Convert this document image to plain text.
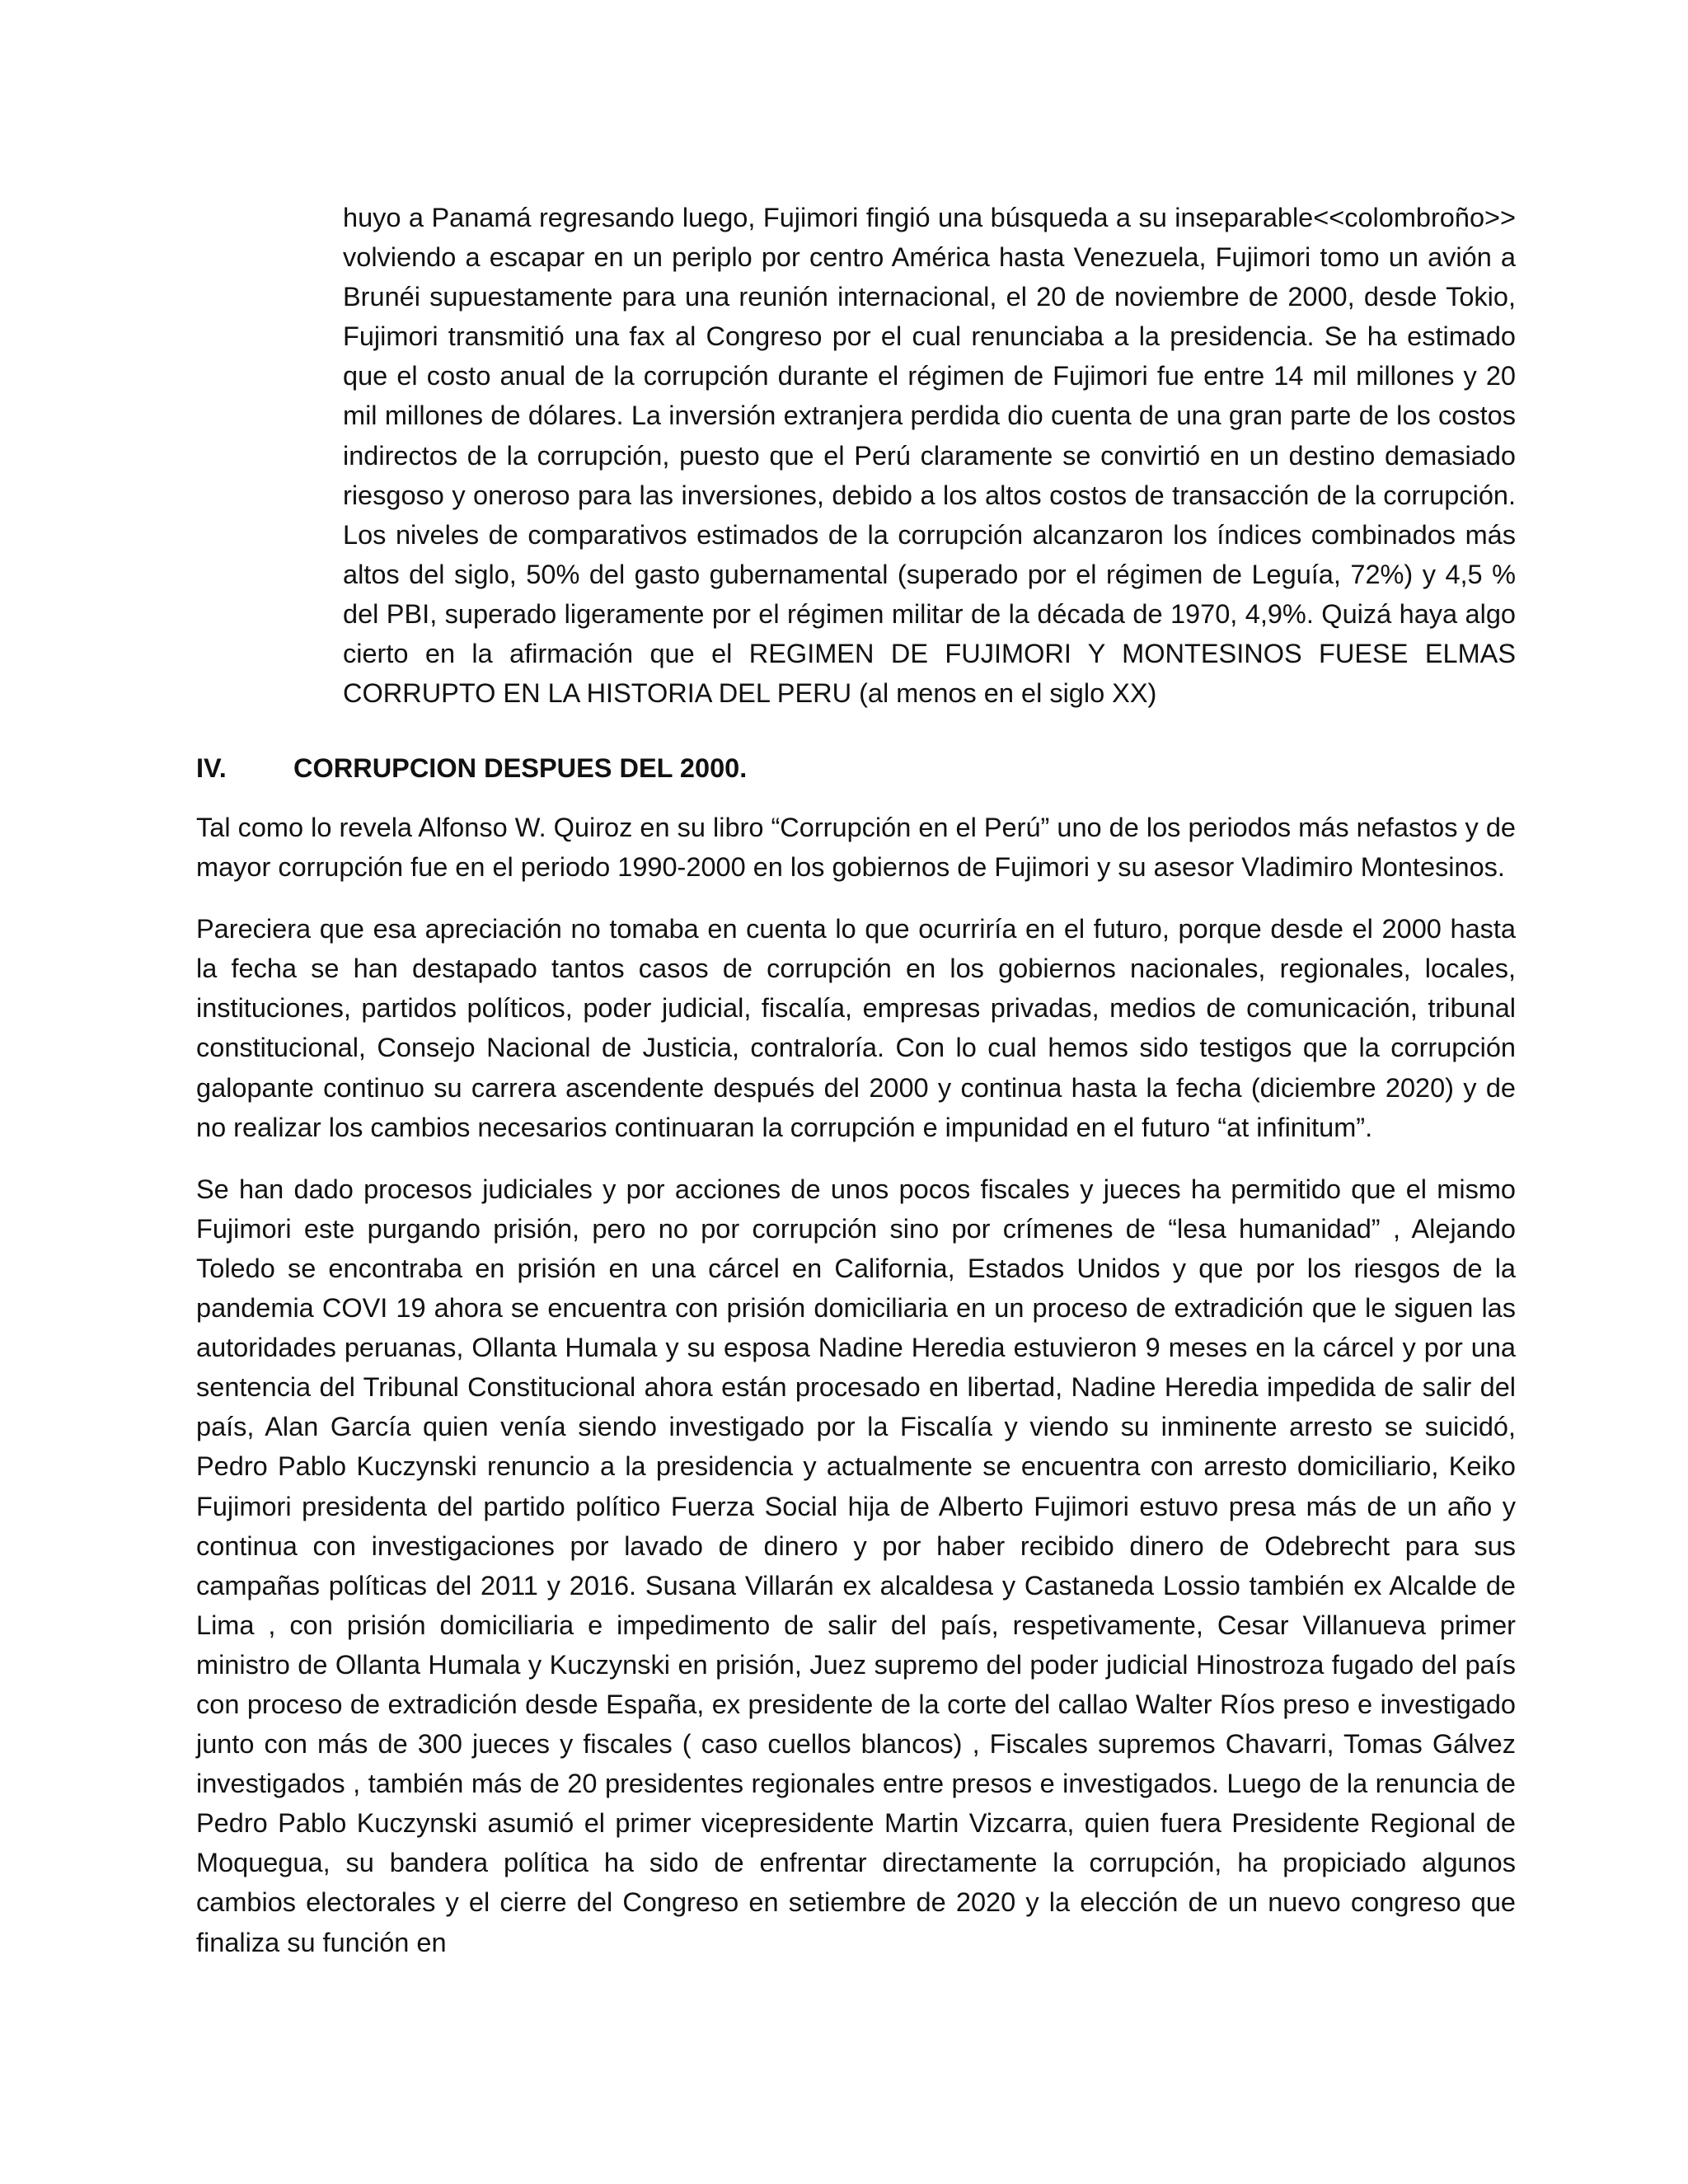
huyo a Panamá regresando luego, Fujimori fingió una búsqueda a su inseparable<<colombroño>> volviendo a escapar en un periplo por centro América hasta Venezuela, Fujimori tomo un avión a Brunéi supuestamente para una reunión internacional, el 20 de noviembre de 2000, desde Tokio, Fujimori transmitió una fax al Congreso por el cual renunciaba a la presidencia. Se ha estimado que el costo anual de la corrupción durante el régimen de Fujimori fue entre 14 mil millones y 20 mil millones de dólares. La inversión extranjera perdida dio cuenta de una gran parte de los costos indirectos de la corrupción, puesto que el Perú claramente se convirtió en un destino demasiado riesgoso y oneroso para las inversiones, debido a los altos costos de transacción de la corrupción. Los niveles de comparativos estimados de la corrupción alcanzaron los índices combinados más altos del siglo, 50% del gasto gubernamental (superado por el régimen de Leguía, 72%) y 4,5 % del PBI, superado ligeramente por el régimen militar de la década de 1970, 4,9%. Quizá haya algo cierto en la afirmación que el REGIMEN DE FUJIMORI Y MONTESINOS FUESE ELMAS CORRUPTO EN LA HISTORIA DEL PERU (al menos en el siglo XX)

IV. CORRUPCION DESPUES DEL 2000.

Tal como lo revela Alfonso W. Quiroz en su libro “Corrupción en el Perú” uno de los periodos más nefastos y de mayor corrupción fue en el periodo 1990-2000 en los gobiernos de Fujimori y su asesor Vladimiro Montesinos.

Pareciera que esa apreciación no tomaba en cuenta lo que ocurriría en el futuro, porque desde el 2000 hasta la fecha se han destapado tantos casos de corrupción en los gobiernos nacionales, regionales, locales, instituciones, partidos políticos, poder judicial, fiscalía, empresas privadas, medios de comunicación, tribunal constitucional, Consejo Nacional de Justicia, contraloría. Con lo cual hemos sido testigos que la corrupción galopante continuo su carrera ascendente después del 2000 y continua hasta la fecha (diciembre 2020) y de no realizar los cambios necesarios continuaran la corrupción e impunidad en el futuro “at infinitum”.

Se han dado procesos judiciales y por acciones de unos pocos fiscales y jueces ha permitido que el mismo Fujimori este purgando prisión, pero no por corrupción sino por crímenes de “lesa humanidad” , Alejando Toledo se encontraba en prisión en una cárcel en California, Estados Unidos y que por los riesgos de la pandemia COVI 19 ahora se encuentra con prisión domiciliaria en un proceso de extradición que le siguen las autoridades peruanas, Ollanta Humala y su esposa Nadine Heredia estuvieron 9 meses en la cárcel y por una sentencia del Tribunal Constitucional ahora están procesado en libertad, Nadine Heredia impedida de salir del país, Alan García quien venía siendo investigado por la Fiscalía y viendo su inminente arresto se suicidó, Pedro Pablo Kuczynski renuncio a la presidencia y actualmente se encuentra con arresto domiciliario, Keiko Fujimori presidenta del partido político Fuerza Social hija de Alberto Fujimori estuvo presa más de un año y continua con investigaciones por lavado de dinero y por haber recibido dinero de Odebrecht para sus campañas políticas del 2011 y 2016. Susana Villarán ex alcaldesa y Castaneda Lossio también ex Alcalde de Lima , con prisión domiciliaria e impedimento de salir del país, respetivamente, Cesar Villanueva primer ministro de Ollanta Humala y Kuczynski en prisión, Juez supremo del poder judicial Hinostroza fugado del país con proceso de extradición desde España, ex presidente de la corte del callao Walter Ríos preso e investigado junto con más de 300 jueces y fiscales ( caso cuellos blancos) , Fiscales supremos Chavarri, Tomas Gálvez investigados , también más de 20 presidentes regionales entre presos e investigados. Luego de la renuncia de Pedro Pablo Kuczynski asumió el primer vicepresidente Martin Vizcarra, quien fuera Presidente Regional de Moquegua, su bandera política ha sido de enfrentar directamente la corrupción, ha propiciado algunos cambios electorales y el cierre del Congreso en setiembre de 2020 y la elección de un nuevo congreso que finaliza su función en
